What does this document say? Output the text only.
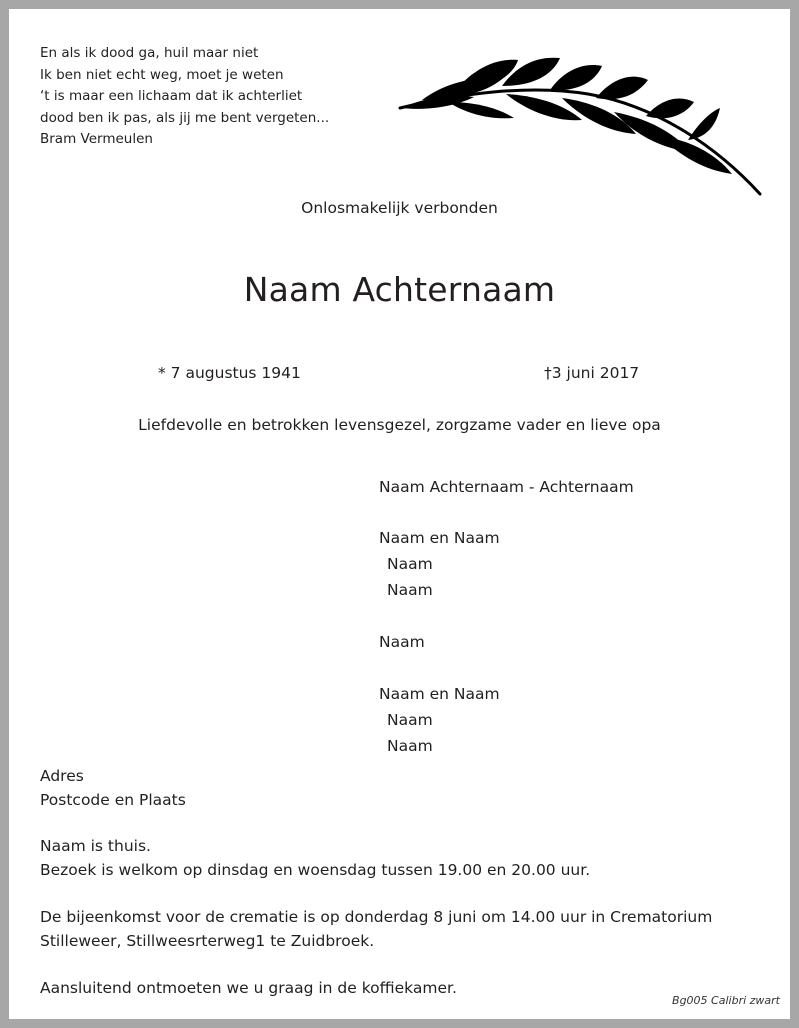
En als ik dood ga, huil maar niet
Ik ben niet echt weg, moet je weten
‘t is maar een lichaam dat ik achterliet
dood ben ik pas, als jij me bent vergeten...
Bram Vermeulen
Onlosmakelijk verbonden
Naam Achternaam
* 7 augustus 1941	†3 juni 2017
Liefdevolle en betrokken levensgezel, zorgzame vader en lieve opa
Naam Achternaam - Achternaam
Naam en Naam
Naam
Naam
Naam
Naam en Naam
Naam
Naam
Adres
Postcode en Plaats
Naam is thuis.
Bezoek is welkom op dinsdag en woensdag tussen 19.00 en 20.00 uur.
De bijeenkomst voor de crematie is op donderdag 8 juni om 14.00 uur in Crematorium
Stilleweer, Stillweesrterweg1 te Zuidbroek.
Aansluitend ontmoeten we u graag in de koffiekamer.
Bg005 Calibri zwart
